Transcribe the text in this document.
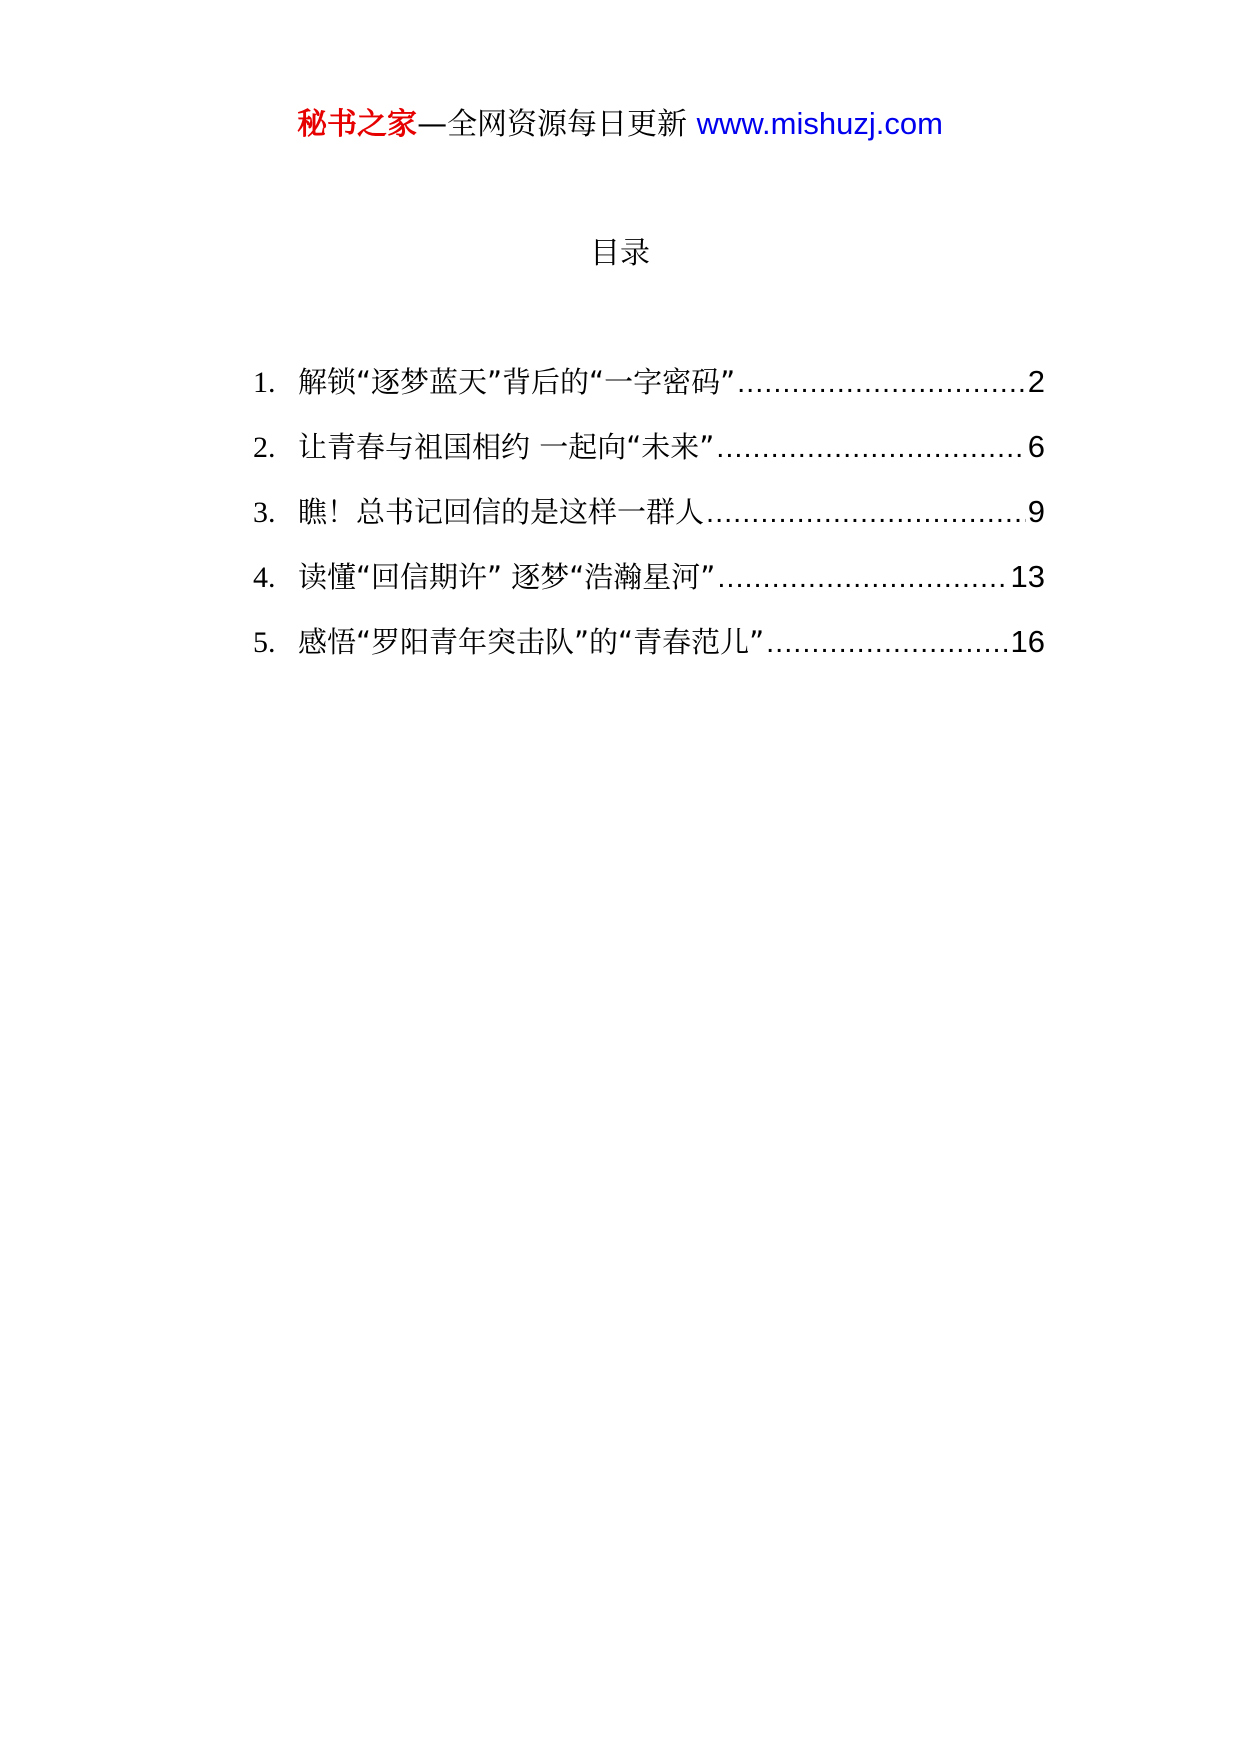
秘书之家—全网资源每日更新 www.mishuzj.com
目录
1. 解锁“逐梦蓝天”背后的“一字密码” .....	2
2. 让青春与祖国相约 一起向“未来” .....	6
3. 瞧！总书记回信的是这样一群人 .....	9
4. 读懂“回信期许” 逐梦“浩瀚星河” .....	13
5. 感悟“罗阳青年突击队”的“青春范儿” .....	16
